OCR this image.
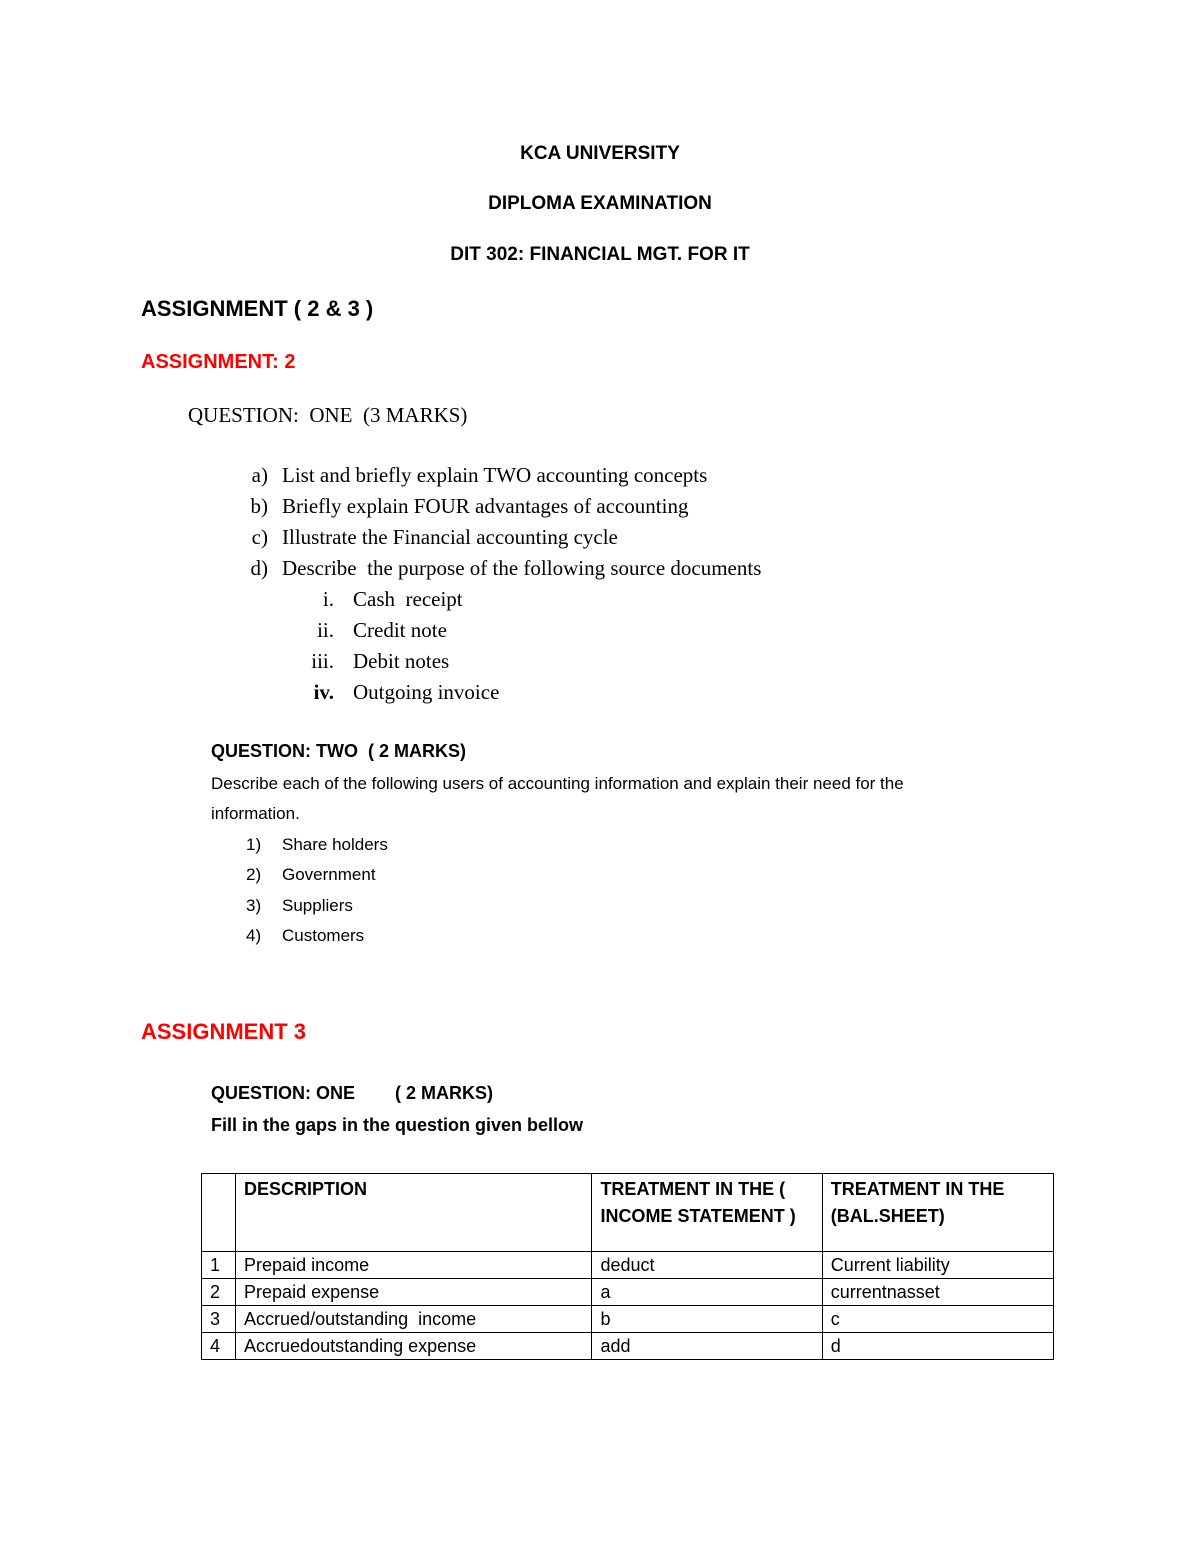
KCA UNIVERSITY
DIPLOMA EXAMINATION
DIT 302: FINANCIAL MGT. FOR IT
ASSIGNMENT ( 2 & 3 )
ASSIGNMENT: 2
QUESTION:  ONE  (3 MARKS)
a) List and briefly explain TWO accounting concepts
b) Briefly explain FOUR advantages of accounting
c) Illustrate the Financial accounting cycle
d) Describe  the purpose of the following source documents
i. Cash  receipt
ii. Credit note
iii. Debit notes
iv. Outgoing invoice
QUESTION: TWO  ( 2 MARKS)
Describe each of the following users of accounting information and explain their need for the
information.
1) Share holders
2) Government
3) Suppliers
4) Customers
ASSIGNMENT 3
QUESTION: ONE ( 2 MARKS)
Fill in the gaps in the question given bellow
	DESCRIPTION	TREATMENT IN THE ( INCOME STATEMENT )	TREATMENT IN THE (BAL.SHEET)
1	Prepaid income	deduct	Current liability
2	Prepaid expense	a	currentnasset
3	Accrued/outstanding  income	b	c
4	Accruedoutstanding expense	add	d
